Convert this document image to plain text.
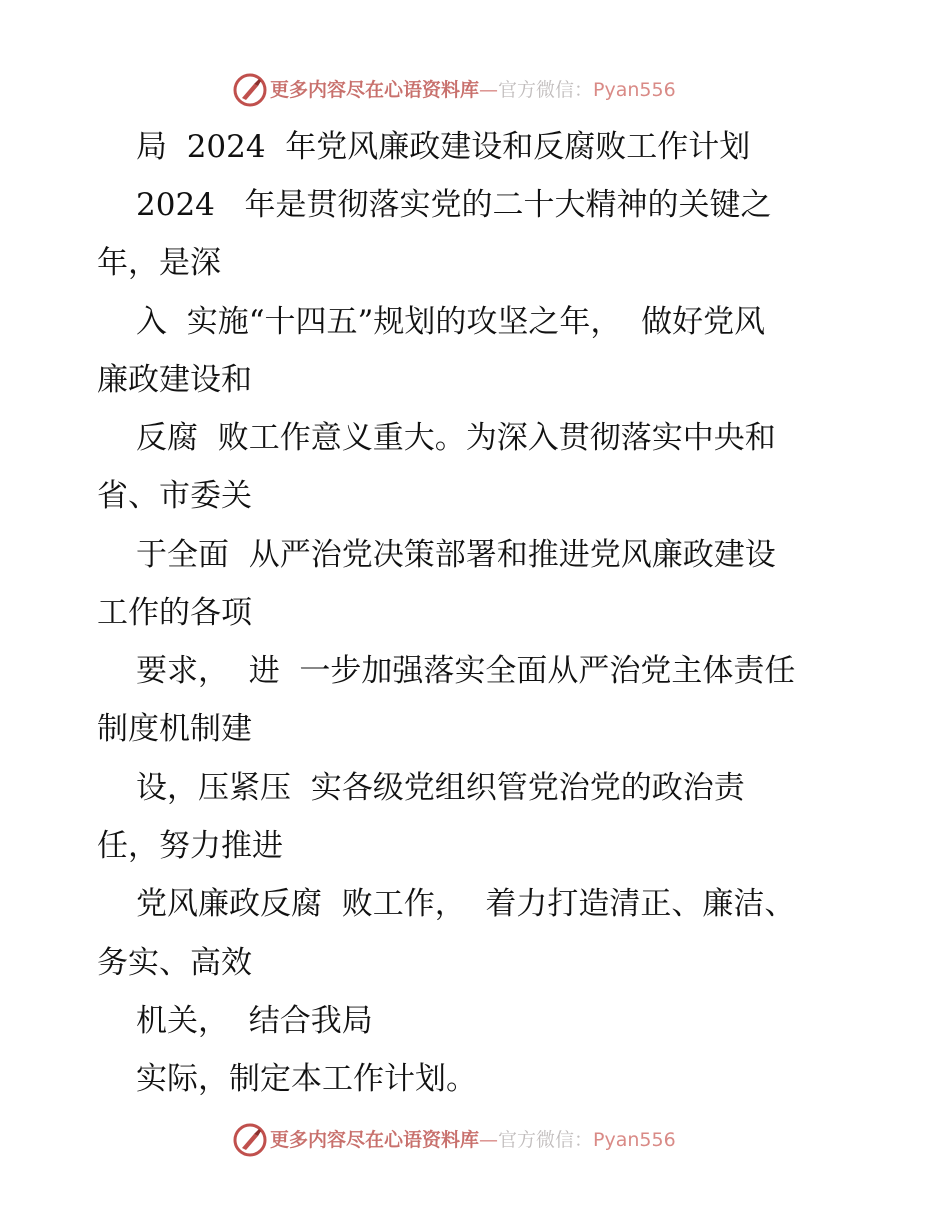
更多内容尽在心语资料库—官方微信：Pyan556
局  2024  年党风廉政建设和反腐败工作计划
2024   年是贯彻落实党的二十大精神的关键之
年，是深
入  实施“十四五”规划的攻坚之年，  做好党风
廉政建设和
反腐  败工作意义重大。为深入贯彻落实中央和
省、市委关
于全面  从严治党决策部署和推进党风廉政建设
工作的各项
要求，  进  一步加强落实全面从严治党主体责任
制度机制建
设，压紧压  实各级党组织管党治党的政治责
任，努力推进
党风廉政反腐  败工作，  着力打造清正、廉洁、
务实、高效
机关，  结合我局
实际，制定本工作计划。
更多内容尽在心语资料库—官方微信：Pyan556
